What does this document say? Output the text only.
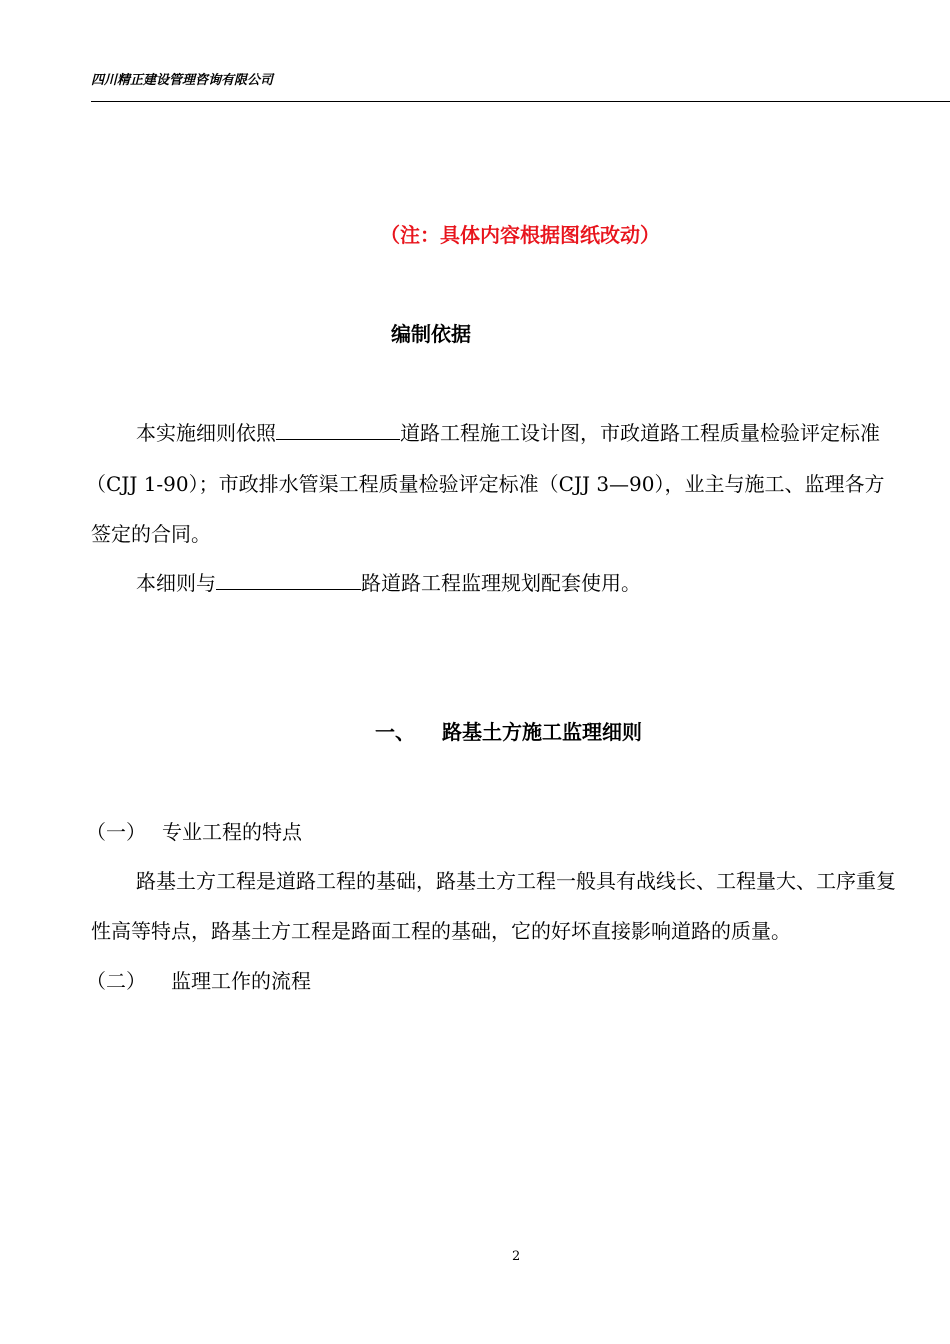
四川精正建设管理咨询有限公司
（注：具体内容根据图纸改动）
编制依据
本实施细则依照	道路工程施工设计图，市政道路工程质量检验评定标准
（CJJ 1-90）；市政排水管渠工程质量检验评定标准（CJJ 3—90），业主与施工、监理各方
签定的合同。
本细则与	路道路工程监理规划配套使用。
一、 路基土方施工监理细则
（一） 专业工程的特点
路基土方工程是道路工程的基础，路基土方工程一般具有战线长、工程量大、工序重复
性高等特点，路基土方工程是路面工程的基础，它的好坏直接影响道路的质量。
（二） 监理工作的流程
2
